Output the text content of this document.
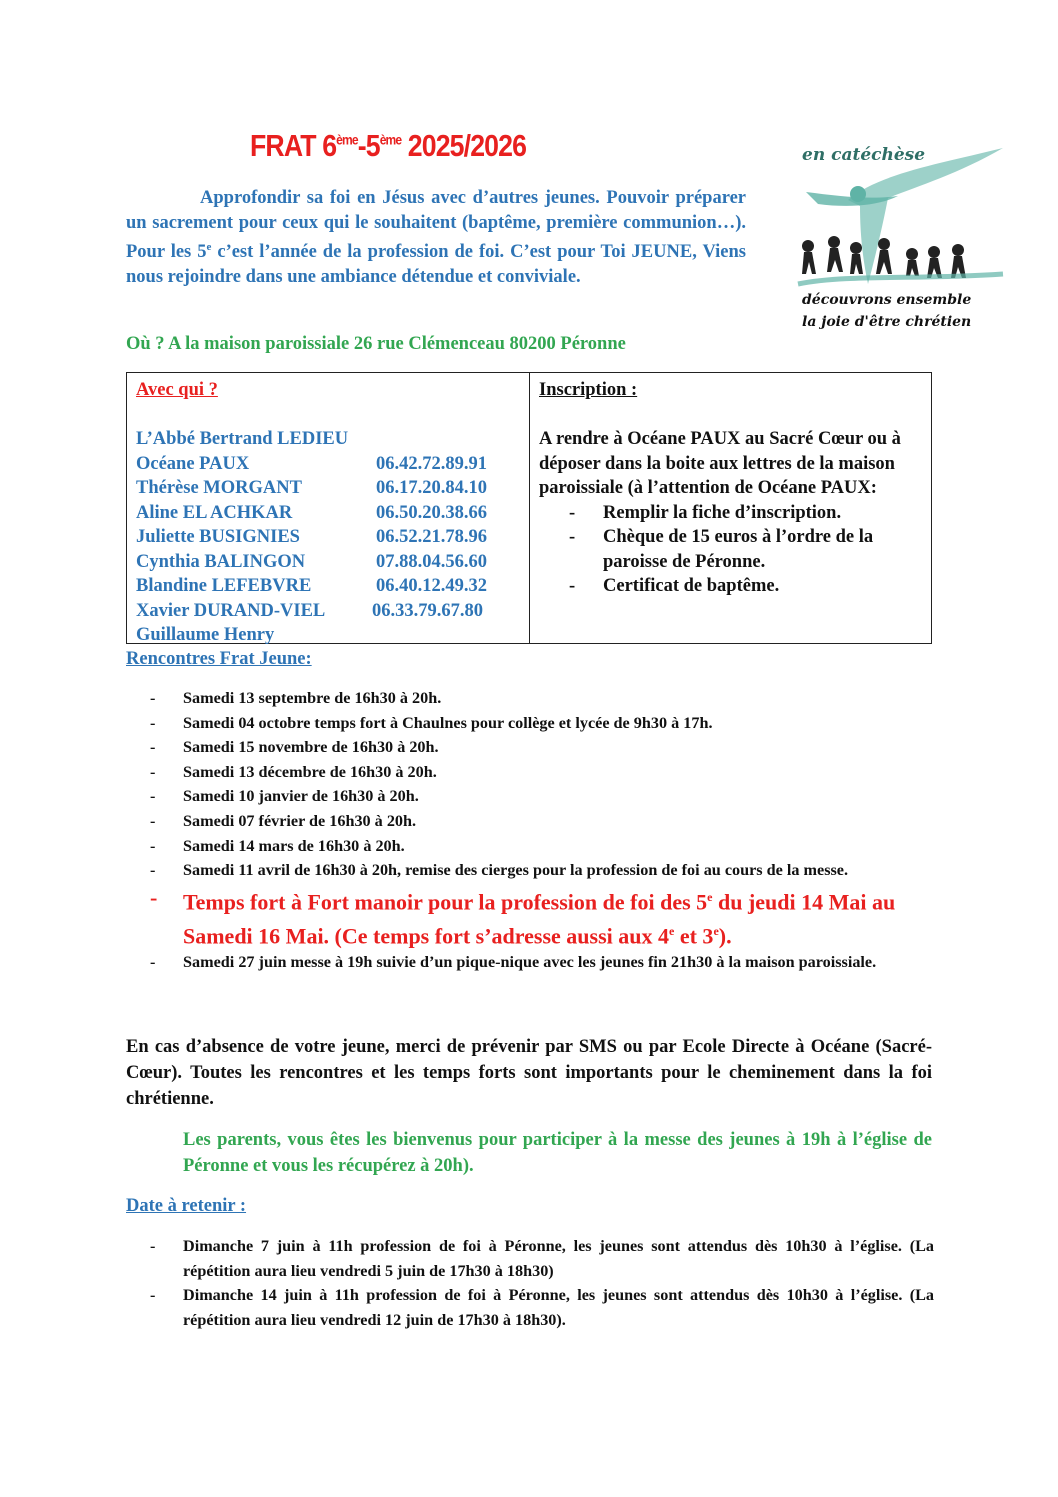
FRAT 6ème-5ème 2025/2026	en catéchèse
découvrons ensemble
la joie d'être chrétien
Approfondir sa foi en Jésus avec d’autres jeunes. Pouvoir préparer un sacrement pour ceux qui le souhaitent (baptême, première communion…). Pour les 5e c’est l’année de la profession de foi. C’est pour Toi JEUNE, Viens nous rejoindre dans une ambiance détendue et conviviale.
Où ? A la maison paroissiale 26 rue Clémenceau 80200 Péronne
Avec qui ?
L’Abbé Bertrand LEDIEU
Océane PAUX	06.42.72.89.91
Thérèse MORGANT	06.17.20.84.10
Aline EL ACHKAR	06.50.20.38.66
Juliette BUSIGNIES	06.52.21.78.96
Cynthia BALINGON	07.88.04.56.60
Blandine LEFEBVRE	06.40.12.49.32
Xavier DURAND-VIEL	06.33.79.67.80
Guillaume Henry
Inscription :
A rendre à Océane PAUX au Sacré Cœur ou à déposer dans la boite aux lettres de la maison paroissiale (à l’attention de Océane PAUX:
- Remplir la fiche d’inscription.
- Chèque de 15 euros à l’ordre de la paroisse de Péronne.
- Certificat de baptême.
Rencontres Frat Jeune:
- Samedi 13 septembre de 16h30 à 20h.
- Samedi 04 octobre temps fort à Chaulnes pour collège et lycée de 9h30 à 17h.
- Samedi 15 novembre de 16h30 à 20h.
- Samedi 13 décembre de 16h30 à 20h.
- Samedi 10 janvier de 16h30 à 20h.
- Samedi 07 février de 16h30 à 20h.
- Samedi 14 mars de 16h30 à 20h.
- Samedi 11 avril de 16h30 à 20h, remise des cierges pour la profession de foi au cours de la messe.
- Temps fort à Fort manoir pour la profession de foi des 5e du jeudi 14 Mai au Samedi 16 Mai. (Ce temps fort s’adresse aussi aux 4e et 3e).
- Samedi 27 juin messe à 19h suivie d’un pique-nique avec les jeunes fin 21h30 à la maison paroissiale.
En cas d’absence de votre jeune, merci de prévenir par SMS ou par Ecole Directe à Océane (Sacré-Cœur). Toutes les rencontres et les temps forts sont importants pour le cheminement dans la foi chrétienne.
Les parents, vous êtes les bienvenus pour participer à la messe des jeunes à 19h à l’église de Péronne et vous les récupérez à 20h).
Date à retenir :
- Dimanche 7 juin à 11h profession de foi à Péronne, les jeunes sont attendus dès 10h30 à l’église. (La répétition aura lieu vendredi 5 juin de 17h30 à 18h30)
- Dimanche 14 juin à 11h profession de foi à Péronne, les jeunes sont attendus dès 10h30 à l’église. (La répétition aura lieu vendredi 12 juin de 17h30 à 18h30).
